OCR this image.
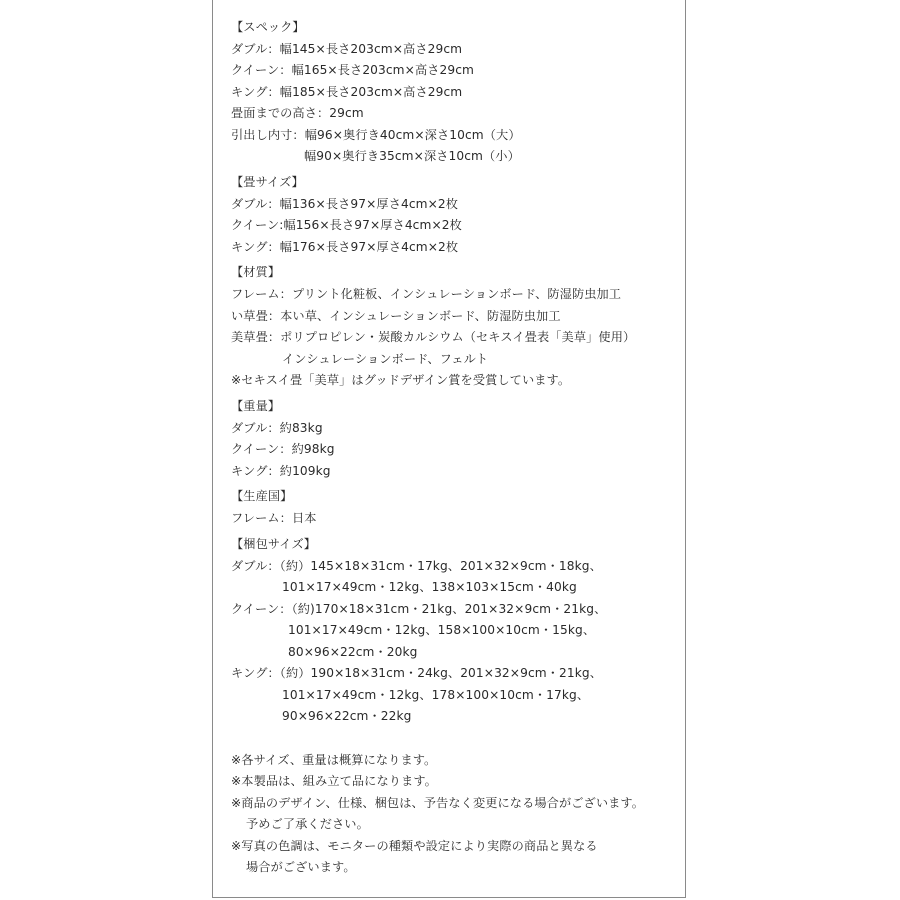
【スペック】
ダブル：幅145×長さ203cm×高さ29cm
クイーン：幅165×長さ203cm×高さ29cm
キング：幅185×長さ203cm×高さ29cm
畳面までの高さ：29cm
引出し内寸：幅96×奥行き40cm×深さ10cm（大）
幅90×奥行き35cm×深さ10cm（小）
【畳サイズ】
ダブル：幅136×長さ97×厚さ4cm×2枚
クイーン:幅156×長さ97×厚さ4cm×2枚
キング：幅176×長さ97×厚さ4cm×2枚
【材質】
フレーム：プリント化粧板、インシュレーションボード、防湿防虫加工
い草畳：本い草、インシュレーションボード、防湿防虫加工
美草畳：ポリプロピレン・炭酸カルシウム（セキスイ畳表「美草」使用）
インシュレーションボード、フェルト
※セキスイ畳「美草」はグッドデザイン賞を受賞しています。
【重量】
ダブル：約83kg
クイーン：約98kg
キング：約109kg
【生産国】
フレーム：日本
【梱包サイズ】
ダブル：（約）145×18×31cm・17kg、201×32×9cm・18kg、
101×17×49cm・12kg、138×103×15cm・40kg
クイーン：（約)170×18×31cm・21kg、201×32×9cm・21kg、
101×17×49cm・12kg、158×100×10cm・15kg、
80×96×22cm・20kg
キング：（約）190×18×31cm・24kg、201×32×9cm・21kg、
101×17×49cm・12kg、178×100×10cm・17kg、
90×96×22cm・22kg
※各サイズ、重量は概算になります。
※本製品は、組み立て品になります。
※商品のデザイン、仕様、梱包は、予告なく変更になる場合がございます。
予めご了承ください。
※写真の色調は、モニターの種類や設定により実際の商品と異なる
場合がございます。
